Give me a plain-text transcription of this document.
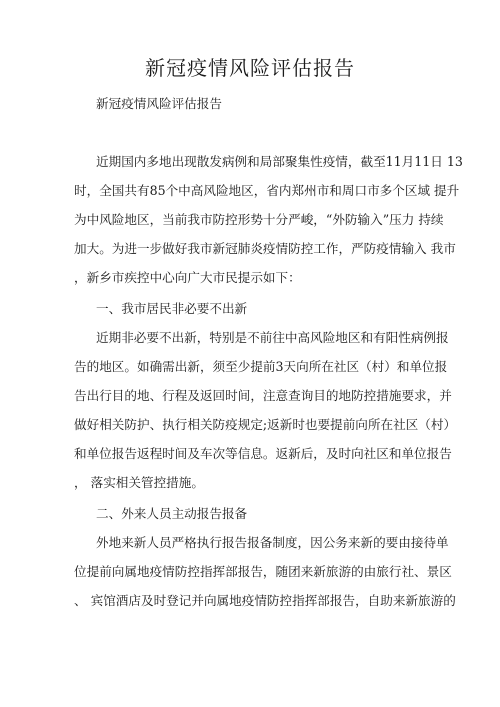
新冠疫情风险评估报告
新冠疫情风险评估报告
近期国内多地出现散发病例和局部聚集性疫情，截至11月11日 13
时，全国共有85个中高风险地区，省内郑州市和周口市多个区域 提升
为中风险地区，当前我市防控形势十分严峻，“外防输入”压力 持续
加大。为进一步做好我市新冠肺炎疫情防控工作，严防疫情输入 我市
，新乡市疾控中心向广大市民提示如下：
一、我市居民非必要不出新
近期非必要不出新，特别是不前往中高风险地区和有阳性病例报
告的地区。如确需出新，须至少提前3天向所在社区（村）和单位报
告出行目的地、行程及返回时间，注意查询目的地防控措施要求，并
做好相关防护、执行相关防疫规定;返新时也要提前向所在社区（村）
和单位报告返程时间及车次等信息。返新后，及时向社区和单位报告
， 落实相关管控措施。
二、外来人员主动报告报备
外地来新人员严格执行报告报备制度，因公务来新的要由接待单
位提前向属地疫情防控指挥部报告，随团来新旅游的由旅行社、景区
、 宾馆酒店及时登记并向属地疫情防控指挥部报告，自助来新旅游的
